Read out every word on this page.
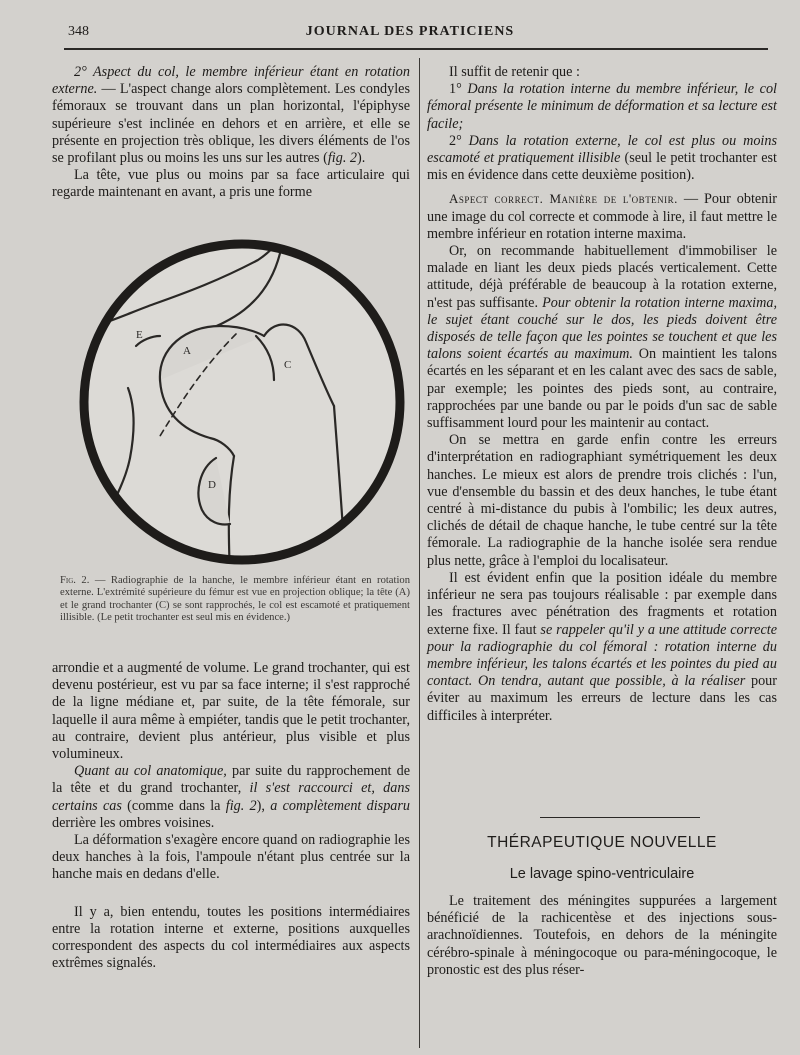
348	JOURNAL DES PRATICIENS

2° Aspect du col, le membre inférieur étant en rotation externe. — L'aspect change alors complètement. Les condyles fémoraux se trouvant dans un plan horizontal, l'épiphyse supérieure s'est inclinée en dehors et en arrière, et elle se présente en projection très oblique, les divers éléments de l'os se profilant plus ou moins les uns sur les autres (fig. 2).

La tête, vue plus ou moins par sa face articulaire qui regarde maintenant en avant, a pris une forme

E
A
C
D
Fig. 2. — Radiographie de la hanche, le membre inférieur étant en rotation externe. L'extrémité supérieure du fémur est vue en projection oblique; la tête (A) et le grand trochanter (C) se sont rapprochés, le col est escamoté et pratiquement illisible. (Le petit trochanter est seul mis en évidence.)

arrondie et a augmenté de volume. Le grand trochanter, qui est devenu postérieur, est vu par sa face interne; il s'est rapproché de la ligne médiane et, par suite, de la tête fémorale, sur laquelle il aura même à empiéter, tandis que le petit trochanter, au contraire, devient plus antérieur, plus visible et plus volumineux.

Quant au col anatomique, par suite du rapprochement de la tête et du grand trochanter, il s'est raccourci et, dans certains cas (comme dans la fig. 2), a complètement disparu derrière les ombres voisines.

La déformation s'exagère encore quand on radiographie les deux hanches à la fois, l'ampoule n'étant plus centrée sur la hanche mais en dedans d'elle.

Il y a, bien entendu, toutes les positions intermédiaires entre la rotation interne et externe, positions auxquelles correspondent des aspects du col intermédiaires aux aspects extrêmes signalés.

Il suffit de retenir que :

1° Dans la rotation interne du membre inférieur, le col fémoral présente le minimum de déformation et sa lecture est facile;

2° Dans la rotation externe, le col est plus ou moins escamoté et pratiquement illisible (seul le petit trochanter est mis en évidence dans cette deuxième position).

Aspect correct. Manière de l'obtenir. — Pour obtenir une image du col correcte et commode à lire, il faut mettre le membre inférieur en rotation interne maxima.

Or, on recommande habituellement d'immobiliser le malade en liant les deux pieds placés verticalement. Cette attitude, déjà préférable de beaucoup à la rotation externe, n'est pas suffisante. Pour obtenir la rotation interne maxima, le sujet étant couché sur le dos, les pieds doivent être disposés de telle façon que les pointes se touchent et que les talons soient écartés au maximum. On maintient les talons écartés en les séparant et en les calant avec des sacs de sable, par exemple; les pointes des pieds sont, au contraire, rapprochées par une bande ou par le poids d'un sac de sable suffisamment lourd pour les maintenir au contact.

On se mettra en garde enfin contre les erreurs d'interprétation en radiographiant symétriquement les deux hanches. Le mieux est alors de prendre trois clichés : l'un, vue d'ensemble du bassin et des deux hanches, le tube étant centré à mi-distance du pubis à l'ombilic; les deux autres, clichés de détail de chaque hanche, le tube centré sur la tête fémorale. La radiographie de la hanche isolée sera rendue plus nette, grâce à l'emploi du localisateur.

Il est évident enfin que la position idéale du membre inférieur ne sera pas toujours réalisable : par exemple dans les fractures avec pénétration des fragments et rotation externe fixe. Il faut se rappeler qu'il y a une attitude correcte pour la radiographie du col fémoral : rotation interne du membre inférieur, les talons écartés et les pointes du pied au contact. On tendra, autant que possible, à la réaliser pour éviter au maximum les erreurs de lecture dans les cas difficiles à interpréter.

THÉRAPEUTIQUE NOUVELLE
Le lavage spino-ventriculaire

Le traitement des méningites suppurées a largement bénéficié de la rachicentèse et des injections sous-arachnoïdiennes. Toutefois, en dehors de la méningite cérébro-spinale à méningocoque ou para-méningocoque, le pronostic est des plus réser-
